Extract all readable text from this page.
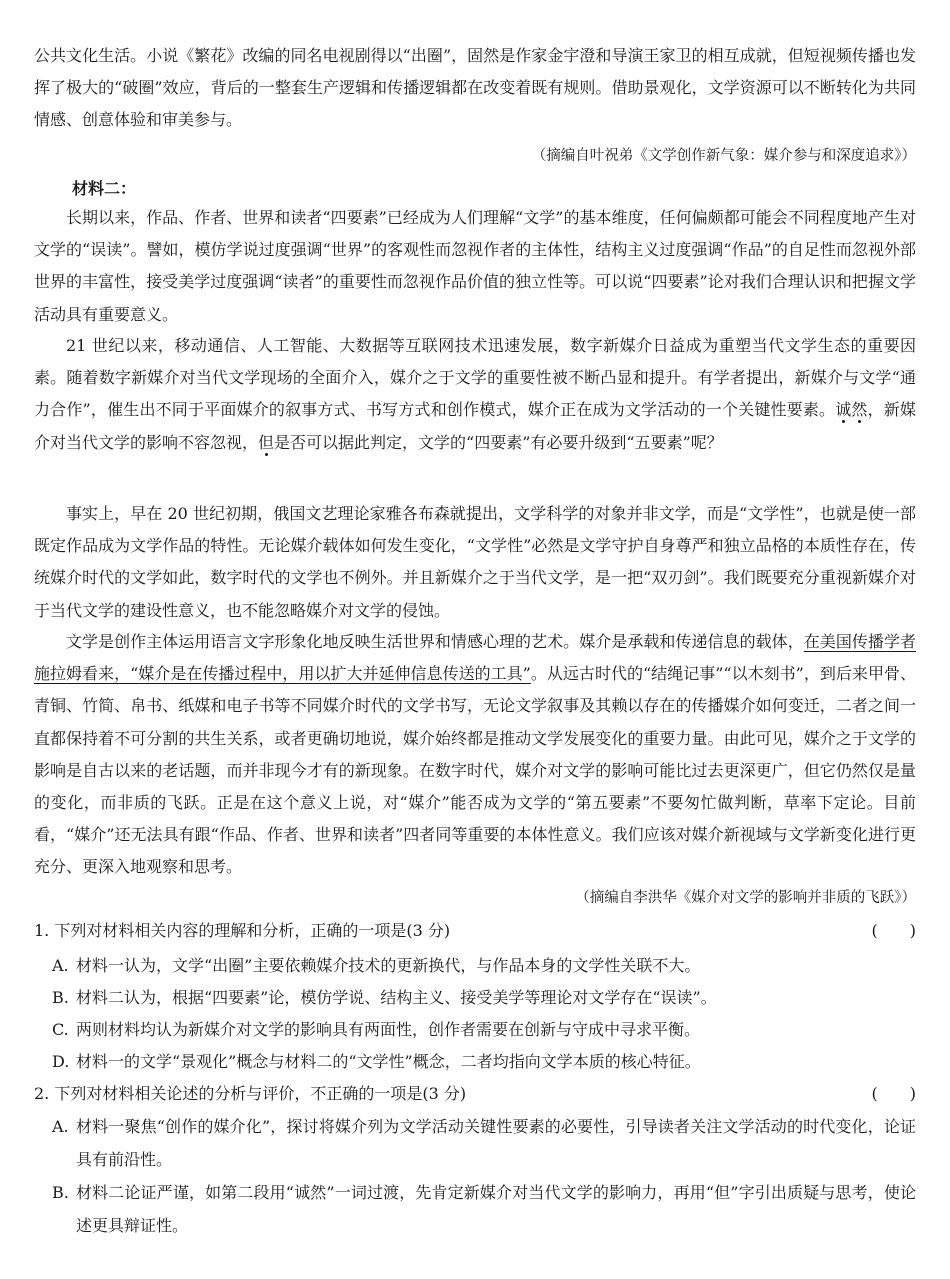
公共文化生活。小说《繁花》改编的同名电视剧得以“出圈”，固然是作家金宇澄和导演王家卫的相互成就，但短视频传播也发挥了极大的“破圈”效应，背后的一整套生产逻辑和传播逻辑都在改变着既有规则。借助景观化，文学资源可以不断转化为共同情感、创意体验和审美参与。

（摘编自叶祝弟《文学创作新气象：媒介参与和深度追求》）

材料二：

长期以来，作品、作者、世界和读者“四要素”已经成为人们理解“文学”的基本维度，任何偏颇都可能会不同程度地产生对文学的“误读”。譬如，模仿学说过度强调“世界”的客观性而忽视作者的主体性，结构主义过度强调“作品”的自足性而忽视外部世界的丰富性，接受美学过度强调“读者”的重要性而忽视作品价值的独立性等。可以说“四要素”论对我们合理认识和把握文学活动具有重要意义。

21 世纪以来，移动通信、人工智能、大数据等互联网技术迅速发展，数字新媒介日益成为重塑当代文学生态的重要因素。随着数字新媒介对当代文学现场的全面介入，媒介之于文学的重要性被不断凸显和提升。有学者提出，新媒介与文学“通力合作”，催生出不同于平面媒介的叙事方式、书写方式和创作模式，媒介正在成为文学活动的一个关键性要素。诚然，新媒介对当代文学的影响不容忽视，但是否可以据此判定，文学的“四要素”有必要升级到“五要素”呢？

事实上，早在 20 世纪初期，俄国文艺理论家雅各布森就提出，文学科学的对象并非文学，而是“文学性”，也就是使一部既定作品成为文学作品的特性。无论媒介载体如何发生变化，“文学性”必然是文学守护自身尊严和独立品格的本质性存在，传统媒介时代的文学如此，数字时代的文学也不例外。并且新媒介之于当代文学，是一把“双刃剑”。我们既要充分重视新媒介对于当代文学的建设性意义，也不能忽略媒介对文学的侵蚀。

文学是创作主体运用语言文字形象化地反映生活世界和情感心理的艺术。媒介是承载和传递信息的载体，在美国传播学者施拉姆看来，“媒介是在传播过程中，用以扩大并延伸信息传送的工具”。从远古时代的“结绳记事”“以木刻书”，到后来甲骨、青铜、竹简、帛书、纸媒和电子书等不同媒介时代的文学书写，无论文学叙事及其赖以存在的传播媒介如何变迁，二者之间一直都保持着不可分割的共生关系，或者更确切地说，媒介始终都是推动文学发展变化的重要力量。由此可见，媒介之于文学的影响是自古以来的老话题，而并非现今才有的新现象。在数字时代，媒介对文学的影响可能比过去更深更广，但它仍然仅是量的变化，而非质的飞跃。正是在这个意义上说，对“媒介”能否成为文学的“第五要素”不要匆忙做判断，草率下定论。目前看，“媒介”还无法具有跟“作品、作者、世界和读者”四者同等重要的本体性意义。我们应该对媒介新视域与文学新变化进行更充分、更深入地观察和思考。

（摘编自李洪华《媒介对文学的影响并非质的飞跃》）

1. 下列对材料相关内容的理解和分析，正确的一项是(3 分)	(　　)
A. 材料一认为，文学“出圈”主要依赖媒介技术的更新换代，与作品本身的文学性关联不大。
B. 材料二认为，根据“四要素”论，模仿学说、结构主义、接受美学等理论对文学存在“误读”。
C. 两则材料均认为新媒介对文学的影响具有两面性，创作者需要在创新与守成中寻求平衡。
D. 材料一的文学“景观化”概念与材料二的“文学性”概念，二者均指向文学本质的核心特征。
2. 下列对材料相关论述的分析与评价，不正确的一项是(3 分)	(　　)
A. 材料一聚焦“创作的媒介化”，探讨将媒介列为文学活动关键性要素的必要性，引导读者关注文学活动的时代变化，论证具有前沿性。
B. 材料二论证严谨，如第二段用“诚然”一词过渡，先肯定新媒介对当代文学的影响力，再用“但”字引出质疑与思考，使论述更具辩证性。
